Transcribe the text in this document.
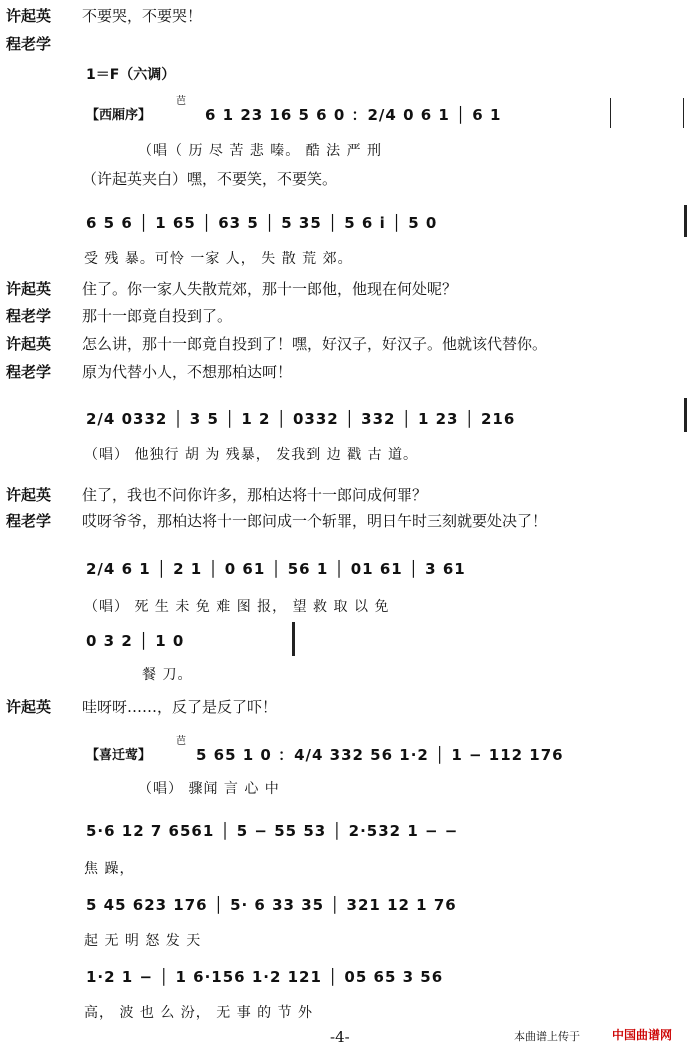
许起英 不要哭，不要哭！
程老学
1＝F（六调）
【西厢序】
芭
6 1 23 16 5 6 0 ：2/4 0 6 1 │ 6 1
（唱（ 历 尽 苦 悲 嗪。 酷 法 严 刑
（许起英夹白）嘿，不要笑，不要笑。
6 5 6 │ 1 65 │ 63 5 │ 5 35 │ 5 6 i │ 5 0
受 残 暴。可怜 一家 人， 失 散 荒 郊。
许起英 住了。你一家人失散荒郊，那十一郎他，他现在何处呢？
程老学 那十一郎竟自投到了。
许起英 怎么讲，那十一郎竟自投到了！嘿，好汉子，好汉子。他就该代替你。
程老学 原为代替小人，不想那柏达呵！
2/4 0332 │ 3 5 │ 1 2 │ 0332 │ 332 │ 1 23 │ 216
（唱） 他独行 胡 为 残暴， 发我到 边 戳 古 道。
许起英 住了，我也不问你许多，那柏达将十一郎问成何罪？
程老学 哎呀爷爷，那柏达将十一郎问成一个斩罪，明日午时三刻就要处决了！
2/4 6 1 │ 2 1 │ 0 61 │ 56 1 │ 01 61 │ 3 61
（唱） 死 生 未 免 难 图 报， 望 救 取 以 免
0 3 2 │ 1 0
餐 刀。
许起英 哇呀呀……，反了是反了吓！
【喜迁莺】
芭
5 65 1 0 ：4/4 332 56 1·2 │ 1 − 112 176
（唱） 骤闻 言 心 中
5·6 12 7 6561 │ 5 − 55 53 │ 2·532 1 − −
焦 躁，
5 45 623 176 │ 5· 6 33 35 │ 321 12 1 76
起 无 明 怒 发 天
1·2 1 − │ 1 6·156 1·2 121 │ 05 65 3 56
高， 波 也 么 汾， 无 事 的 节 外
-4-	本曲谱上传于	中国曲谱网
